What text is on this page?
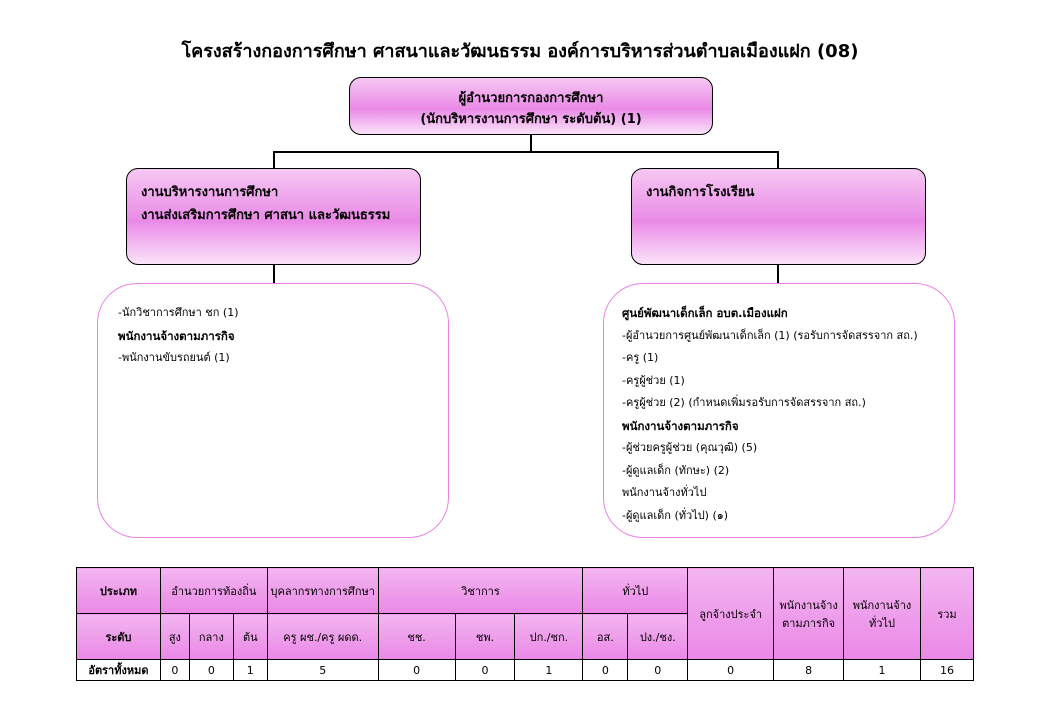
โครงสร้างกองการศึกษา ศาสนาและวัฒนธรรม องค์การบริหารส่วนตำบลเมืองแฝก (08)
ผู้อำนวยการกองการศึกษา
(นักบริหารงานการศึกษา ระดับต้น) (1)
งานบริหารงานการศึกษา
งานส่งเสริมการศึกษา ศาสนา และวัฒนธรรม
งานกิจการโรงเรียน
-นักวิชาการศึกษา ชก (1)
พนักงานจ้างตามภารกิจ
-พนักงานขับรถยนต์ (1)
ศูนย์พัฒนาเด็กเล็ก อบต.เมืองแฝก
-ผู้อำนวยการศูนย์พัฒนาเด็กเล็ก (1) (รอรับการจัดสรรจาก สถ.)
-ครู (1)
-ครูผู้ช่วย (1)
-ครูผู้ช่วย (2) (กำหนดเพิ่มรอรับการจัดสรรจาก สถ.)
พนักงานจ้างตามภารกิจ
-ผู้ช่วยครูผู้ช่วย (คุณวุฒิ) (5)
-ผู้ดูแลเด็ก (ทักษะ) (2)
พนักงานจ้างทั่วไป
-ผู้ดูแลเด็ก (ทั่วไป) (๑)
ประเภท	อำนวยการท้องถิ่น			บุคลากรทางการศึกษา	วิชาการ			ทั่วไป		ลูกจ้างประจำ	พนักงานจ้างตามภารกิจ	พนักงานจ้างทั่วไป	รวม
ระดับ	สูง	กลาง	ต้น	ครู ผช./ครู ผดด.	ชช.	ชพ.	ปก./ชก.	อส.	ปง./ชง.				
อัตราทั้งหมด	0	0	1	5	0	0	1	0	0	0	8	1	16
